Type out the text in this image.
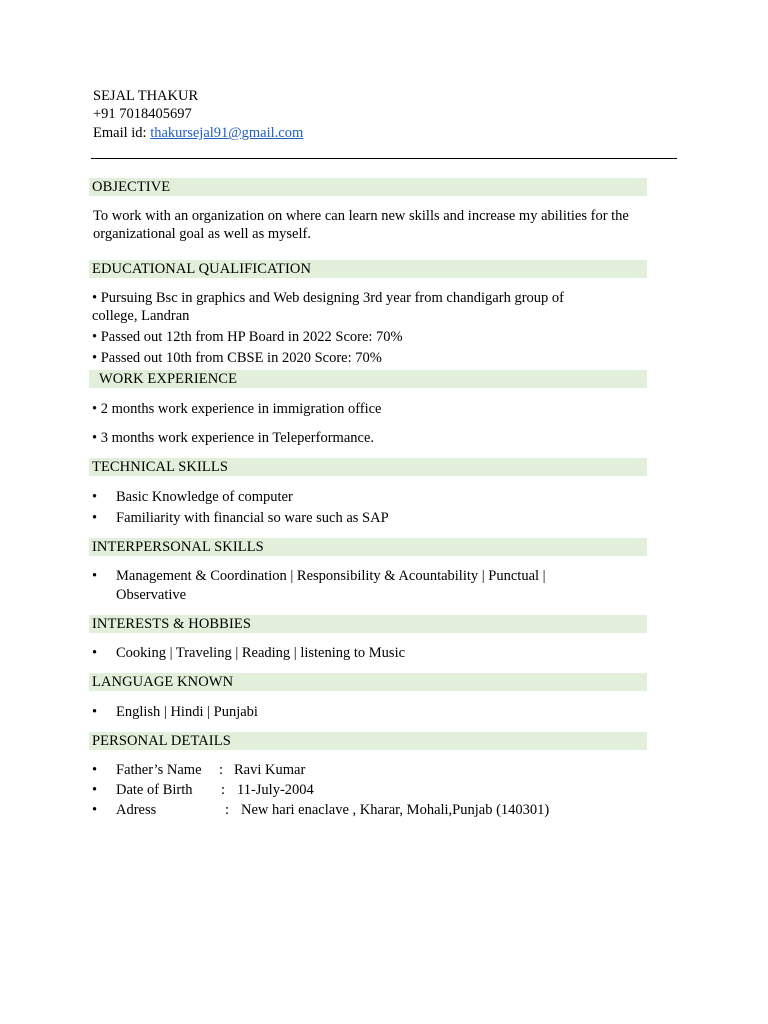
SEJAL THAKUR
+91 7018405697
Email id: thakursejal91@gmail.com
OBJECTIVE
To work with an organization on where can learn new skills and increase my abilities for the organizational goal as well as myself.
EDUCATIONAL QUALIFICATION
• Pursuing Bsc in graphics and Web designing 3rd year from chandigarh group of college, Landran
• Passed out 12th from HP Board in 2022 Score: 70%
• Passed out 10th from CBSE in 2020 Score: 70%
WORK EXPERIENCE
• 2 months work experience in immigration office
• 3 months work experience in Teleperformance.
TECHNICAL SKILLS
• Basic Knowledge of computer
• Familiarity with financial so ware such as SAP
INTERPERSONAL SKILLS
• Management & Coordination | Responsibility & Acountability | Punctual |
Observative
INTERESTS & HOBBIES
• Cooking | Traveling | Reading | listening to Music
LANGUAGE KNOWN
• English | Hindi | Punjabi
PERSONAL DETAILS
• Father’s Name : Ravi Kumar
• Date of Birth : 11-July-2004
• Adress	: New hari enaclave , Kharar, Mohali,Punjab (140301)
